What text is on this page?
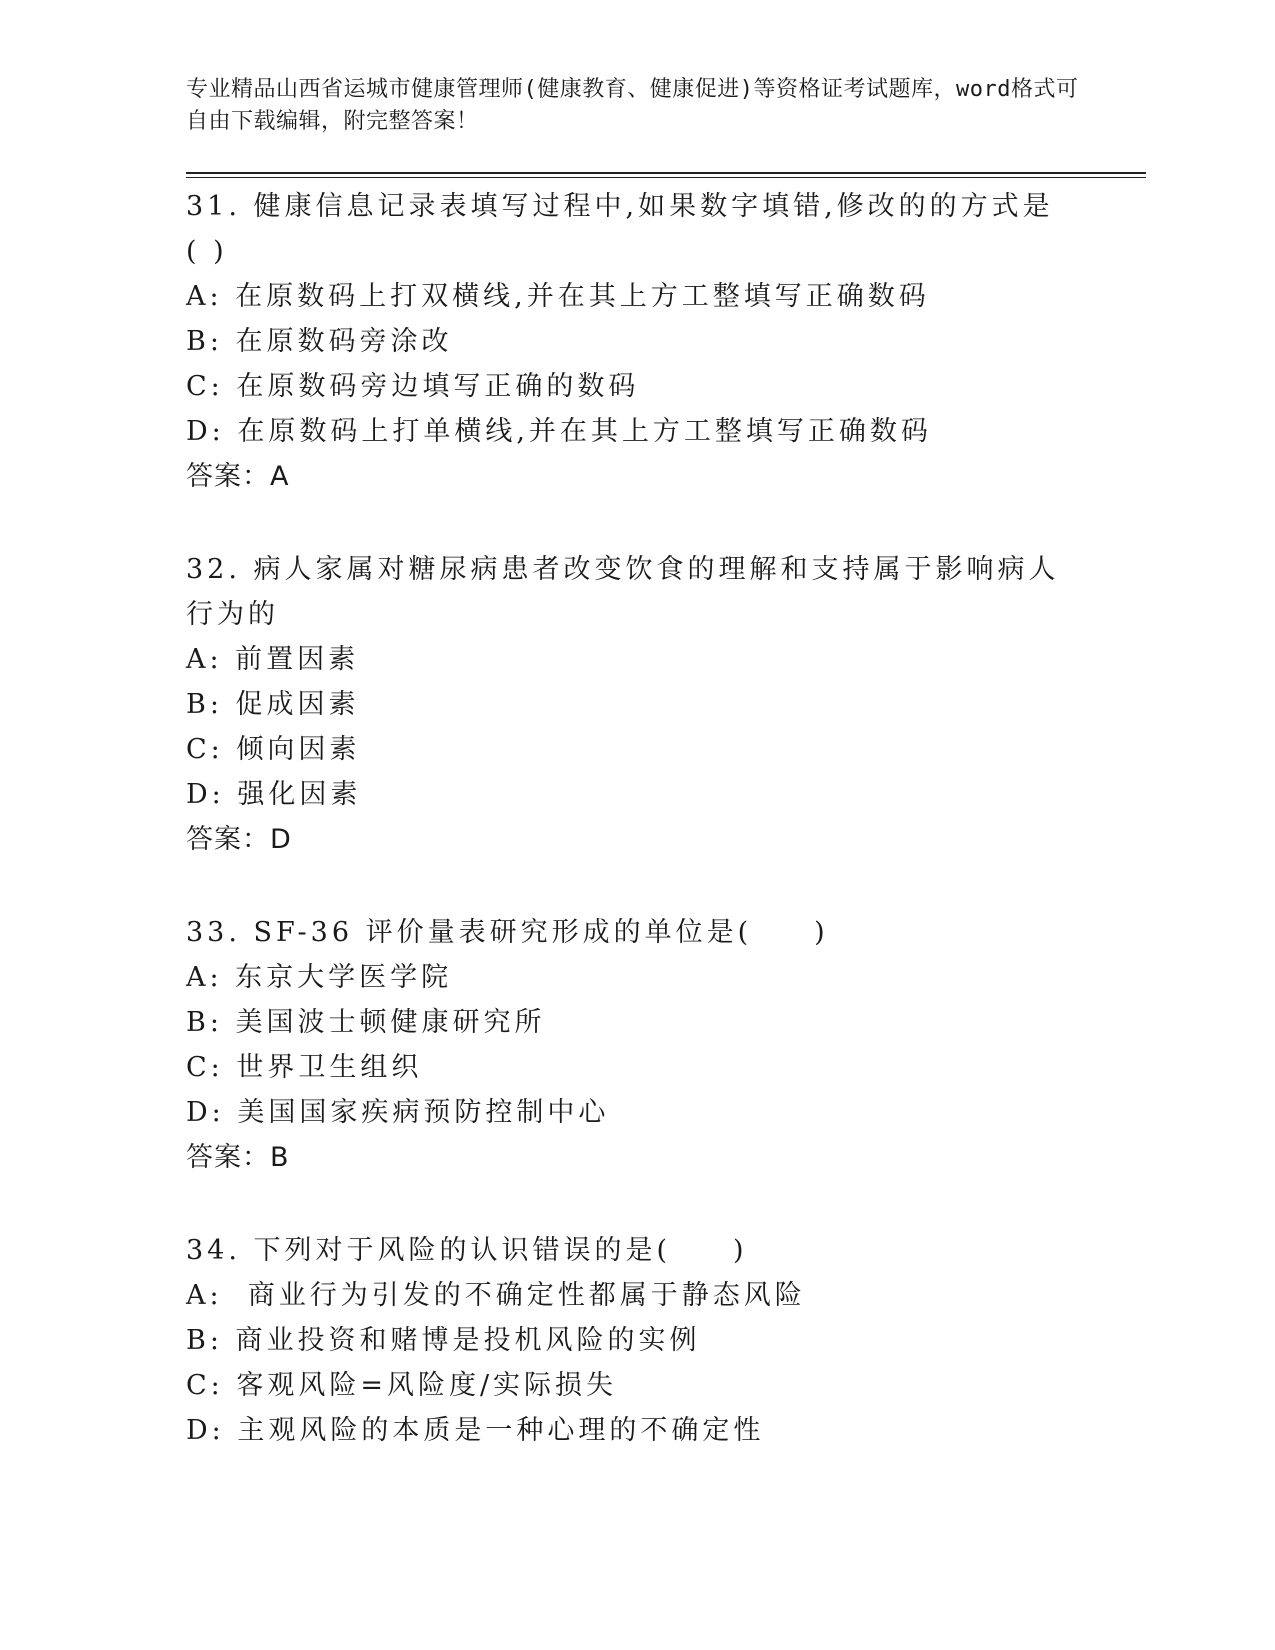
专业精品山西省运城市健康管理师(健康教育、健康促进)等资格证考试题库，word格式可自由下载编辑，附完整答案！
31. 健康信息记录表填写过程中,如果数字填错,修改的的方式是( )
A: 在原数码上打双横线,并在其上方工整填写正确数码
B: 在原数码旁涂改
C: 在原数码旁边填写正确的数码
D: 在原数码上打单横线,并在其上方工整填写正确数码
答案：A
32. 病人家属对糖尿病患者改变饮食的理解和支持属于影响病人行为的
A: 前置因素
B: 促成因素
C: 倾向因素
D: 强化因素
答案：D
33. SF-36 评价量表研究形成的单位是(　　)
A: 东京大学医学院
B: 美国波士顿健康研究所
C: 世界卫生组织
D: 美国国家疾病预防控制中心
答案：B
34. 下列对于风险的认识错误的是(　　)
A:  商业行为引发的不确定性都属于静态风险
B: 商业投资和赌博是投机风险的实例
C: 客观风险=风险度/实际损失
D: 主观风险的本质是一种心理的不确定性
